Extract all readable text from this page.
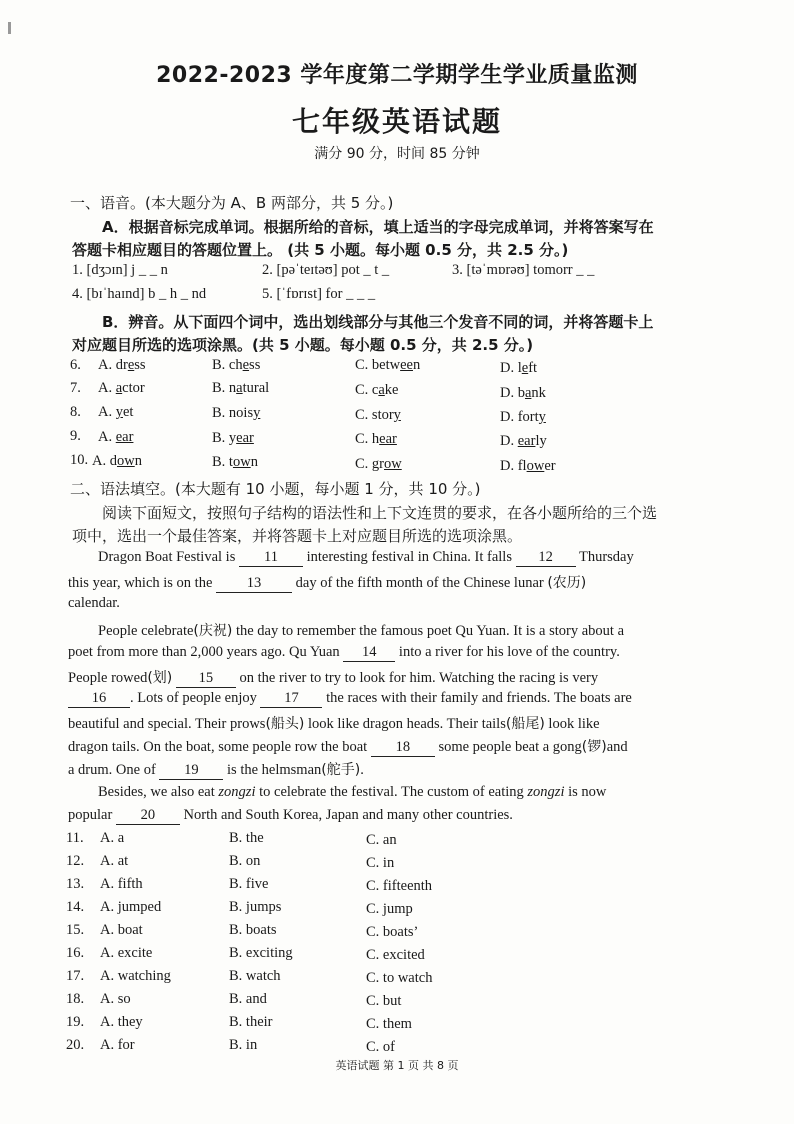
2022-2023 学年度第二学期学生学业质量监测
七年级英语试题
满分 90 分，时间 85 分钟
一、语音。(本大题分为 A、B 两部分，共 5 分。)
A．根据音标完成单词。根据所给的音标，填上适当的字母完成单词，并将答案写在
答题卡相应题目的答题位置上。 (共 5 小题。每小题 0.5 分，共 2.5 分。)
1. [dʒɔɪn] j _ _ n	2. [pəˈteɪtəʊ] pot _ t _	3. [təˈmɒrəʊ] tomorr _ _
4. [bɪˈhaɪnd] b _ h _ nd	5. [ˈfɒrɪst] for _ _ _
B．辨音。从下面四个词中，选出划线部分与其他三个发音不同的词，并将答题卡上
对应题目所选的选项涂黑。(共 5 小题。每小题 0.5 分，共 2.5 分。)
6. A. dress	B. chess	C. between	D. left
7. A. actor	B. natural	C. cake	D. bank
8. A. yet	B. noisy	C. story	D. forty
9. A. ear	B. year	C. hear	D. early
10. A. down	B. town	C. grow	D. flower
二、语法填空。(本大题有 10 小题，每小题 1 分，共 10 分。)
阅读下面短文，按照句子结构的语法性和上下文连贯的要求，在各小题所给的三个选
项中，选出一个最佳答案，并将答题卡上对应题目所选的选项涂黑。
Dragon Boat Festival is 11 interesting festival in China. It falls 12 Thursday
this year, which is on the 13 day of the fifth month of the Chinese lunar (农历)
calendar.
People celebrate(庆祝) the day to remember the famous poet Qu Yuan. It is a story about a
poet from more than 2,000 years ago. Qu Yuan 14 into a river for his love of the country.
People rowed(划) 15 on the river to try to look for him. Watching the racing is very
16 . Lots of people enjoy 17 the races with their family and friends. The boats are
beautiful and special. Their prows(船头) look like dragon heads. Their tails(船尾) look like
dragon tails. On the boat, some people row the boat 18 some people beat a gong(锣)and
a drum. One of 19 is the helmsman(舵手).
Besides, we also eat zongzi to celebrate the festival. The custom of eating zongzi is now
popular 20 North and South Korea, Japan and many other countries.
11. A. a	B. the	C. an
12. A. at	B. on	C. in
13. A. fifth	B. five	C. fifteenth
14. A. jumped	B. jumps	C. jump
15. A. boat	B. boats	C. boats’
16. A. excite	B. exciting	C. excited
17. A. watching	B. watch	C. to watch
18. A. so	B. and	C. but
19. A. they	B. their	C. them
20. A. for	B. in	C. of
英语试题 第 1 页 共 8 页
